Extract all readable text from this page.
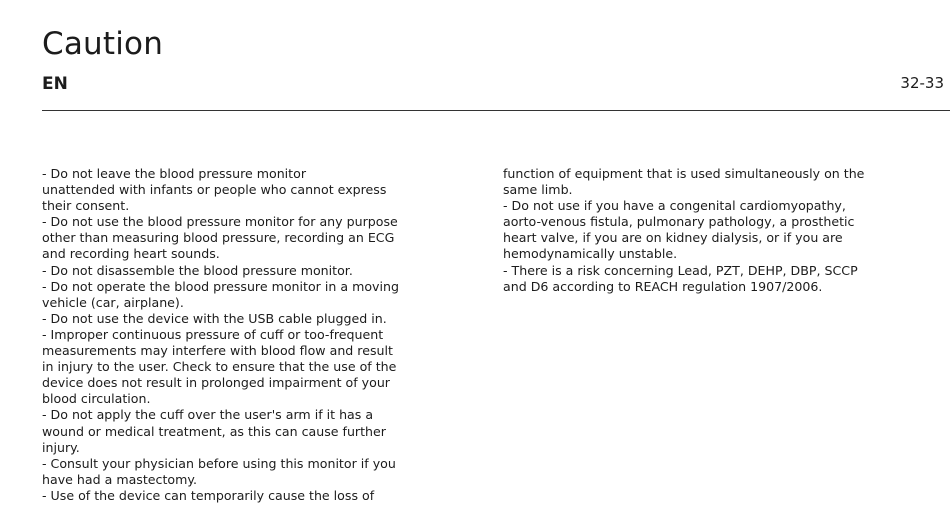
Caution
EN	32-33
- Do not leave the blood pressure monitor
unattended with infants or people who cannot express
their consent.
- Do not use the blood pressure monitor for any purpose
other than measuring blood pressure, recording an ECG
and recording heart sounds.
- Do not disassemble the blood pressure monitor.
- Do not operate the blood pressure monitor in a moving
vehicle (car, airplane).
- Do not use the device with the USB cable plugged in.
- Improper continuous pressure of cuff or too-frequent
measurements may interfere with blood flow and result
in injury to the user. Check to ensure that the use of the
device does not result in prolonged impairment of your
blood circulation.
- Do not apply the cuff over the user's arm if it has a
wound or medical treatment, as this can cause further
injury.
- Consult your physician before using this monitor if you
have had a mastectomy.
- Use of the device can temporarily cause the loss of
function of equipment that is used simultaneously on the
same limb.
- Do not use if you have a congenital cardiomyopathy,
aorto-venous fistula, pulmonary pathology, a prosthetic
heart valve, if you are on kidney dialysis, or if you are
hemodynamically unstable.
- There is a risk concerning Lead, PZT, DEHP, DBP, SCCP
and D6 according to REACH regulation 1907/2006.
